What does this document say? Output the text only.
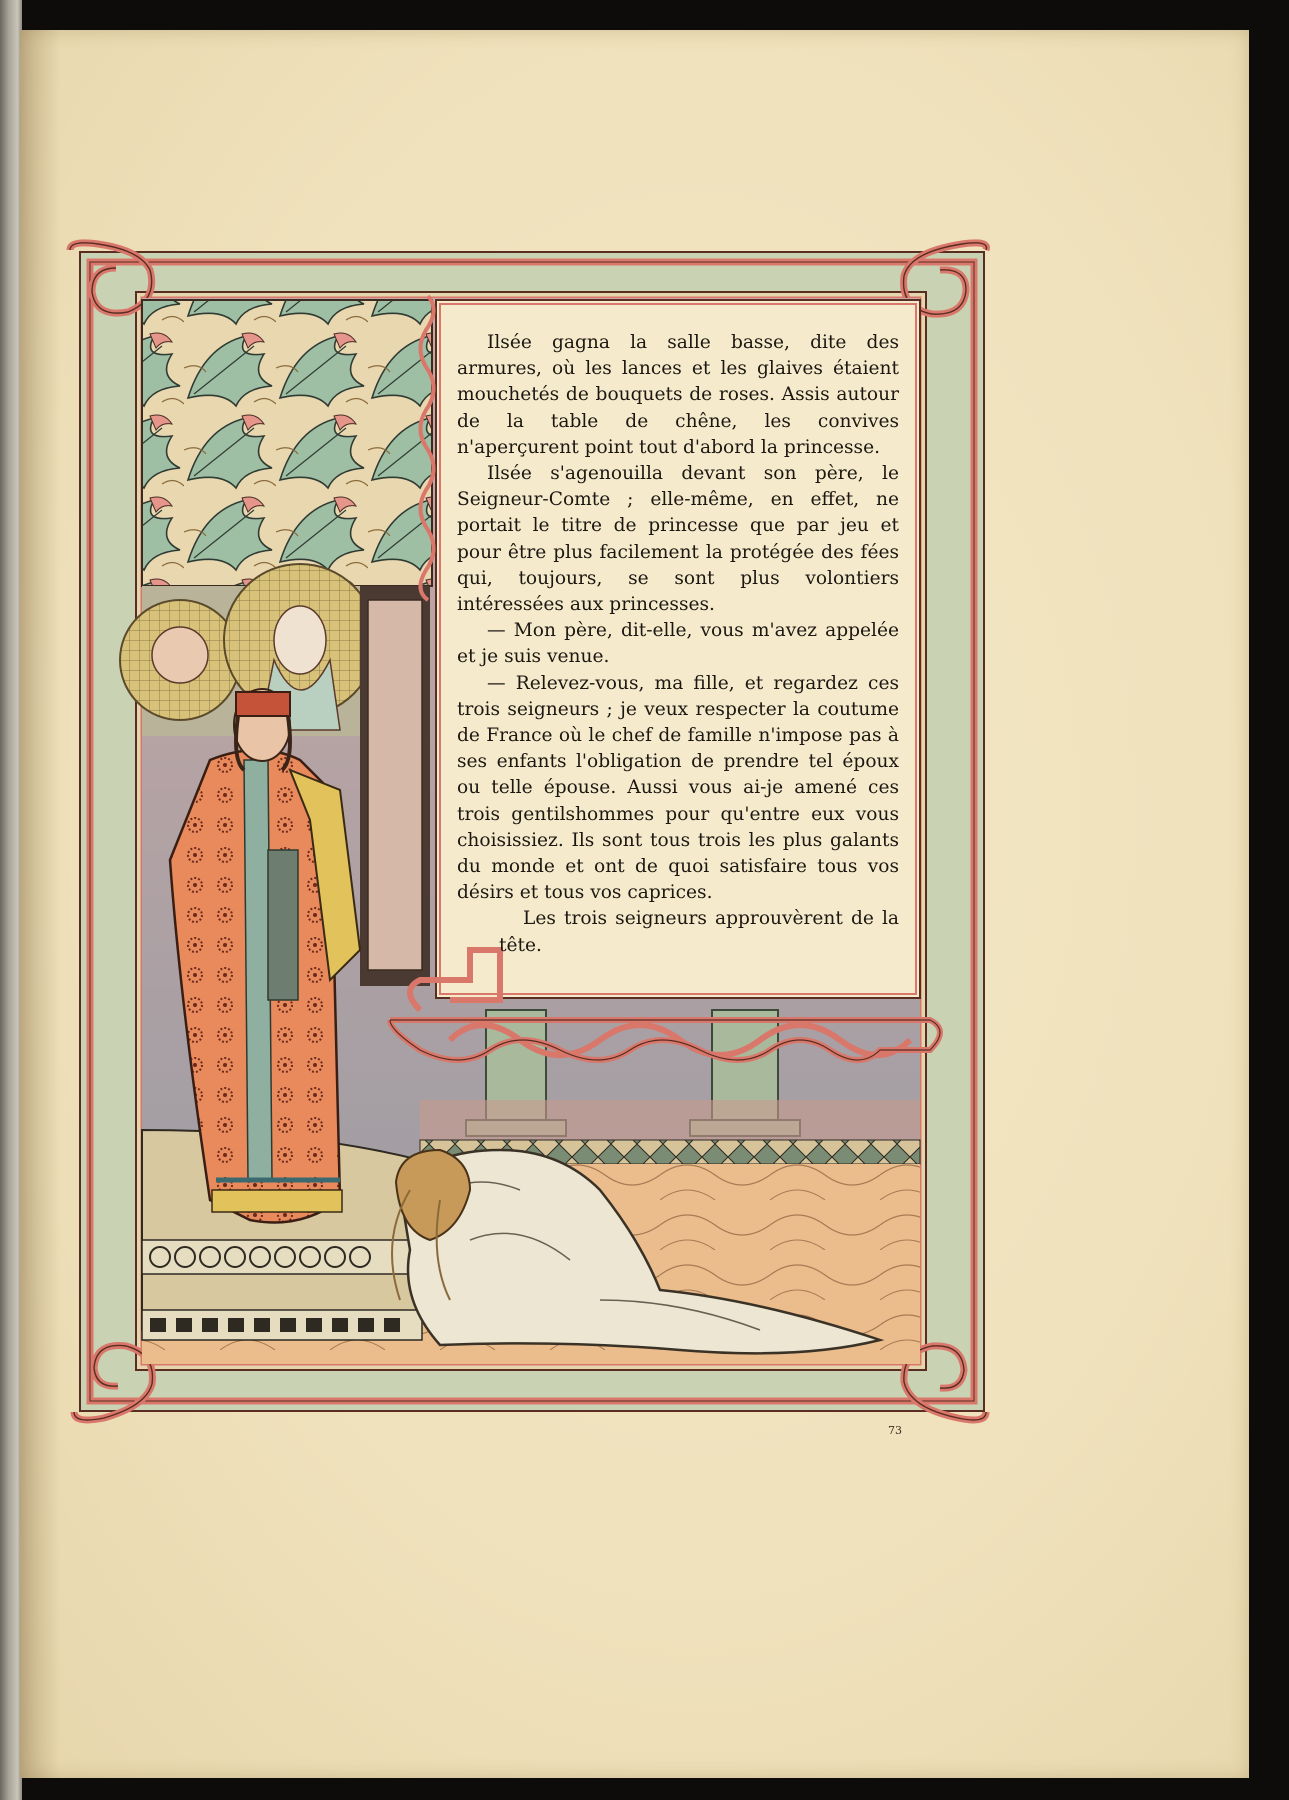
Ilsée gagna la salle basse, dite des armures, où les lances et les glaives étaient mouchetés de bouquets de roses. Assis autour de la table de chêne, les convives n'aperçurent point tout d'abord la princesse.

Ilsée s'agenouilla devant son père, le Seigneur-Comte ; elle-même, en effet, ne portait le titre de princesse que par jeu et pour être plus facilement la protégée des fées qui, toujours, se sont plus volontiers intéressées aux princesses.

— Mon père, dit-elle, vous m'avez appelée et je suis venue.

— Relevez-vous, ma fille, et regardez ces trois seigneurs ; je veux respecter la coutume de France où le chef de famille n'impose pas à ses enfants l'obligation de prendre tel époux ou telle épouse. Aussi vous ai-je amené ces trois gentilshommes pour qu'entre eux vous choisissiez. Ils sont tous trois les plus galants du monde et ont de quoi satisfaire tous vos désirs et tous vos caprices.

Les trois seigneurs approuvèrent de la tête.

73
